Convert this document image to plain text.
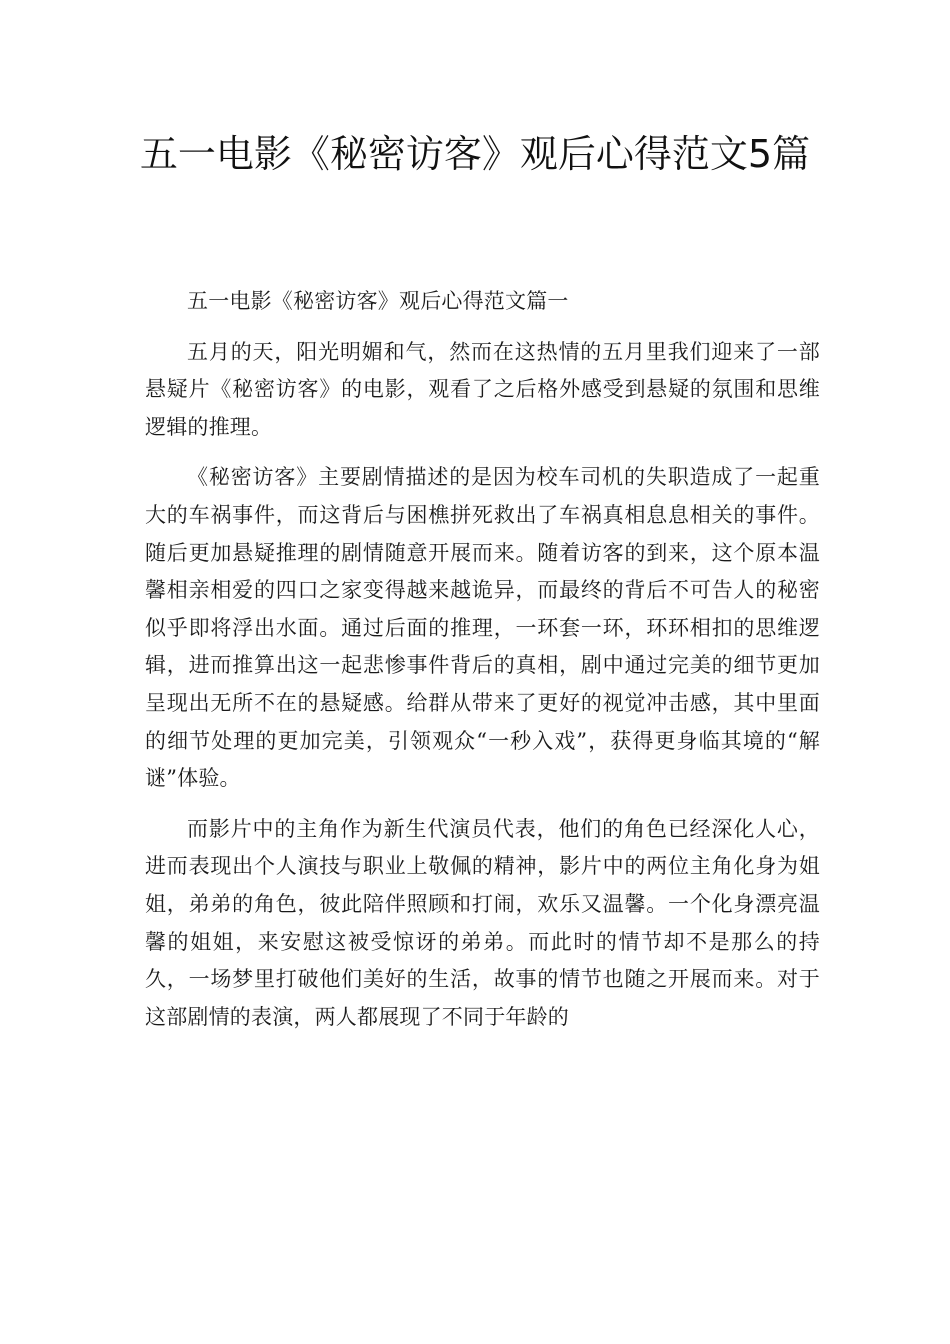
五一电影《秘密访客》观后心得范文5篇

五一电影《秘密访客》观后心得范文篇一

五月的天，阳光明媚和气，然而在这热情的五月里我们迎来了一部悬疑片《秘密访客》的电影，观看了之后格外感受到悬疑的氛围和思维逻辑的推理。

《秘密访客》主要剧情描述的是因为校车司机的失职造成了一起重大的车祸事件，而这背后与困樵拼死救出了车祸真相息息相关的事件。随后更加悬疑推理的剧情随意开展而来。随着访客的到来，这个原本温馨相亲相爱的四口之家变得越来越诡异，而最终的背后不可告人的秘密似乎即将浮出水面。通过后面的推理，一环套一环，环环相扣的思维逻辑，进而推算出这一起悲惨事件背后的真相，剧中通过完美的细节更加呈现出无所不在的悬疑感。给群从带来了更好的视觉冲击感，其中里面的细节处理的更加完美，引领观众“一秒入戏”，获得更身临其境的“解谜”体验。

而影片中的主角作为新生代演员代表，他们的角色已经深化人心，进而表现出个人演技与职业上敬佩的精神，影片中的两位主角化身为姐姐，弟弟的角色，彼此陪伴照顾和打闹，欢乐又温馨。一个化身漂亮温馨的姐姐，来安慰这被受惊讶的弟弟。而此时的情节却不是那么的持久，一场梦里打破他们美好的生活，故事的情节也随之开展而来。对于这部剧情的表演，两人都展现了不同于年龄的
